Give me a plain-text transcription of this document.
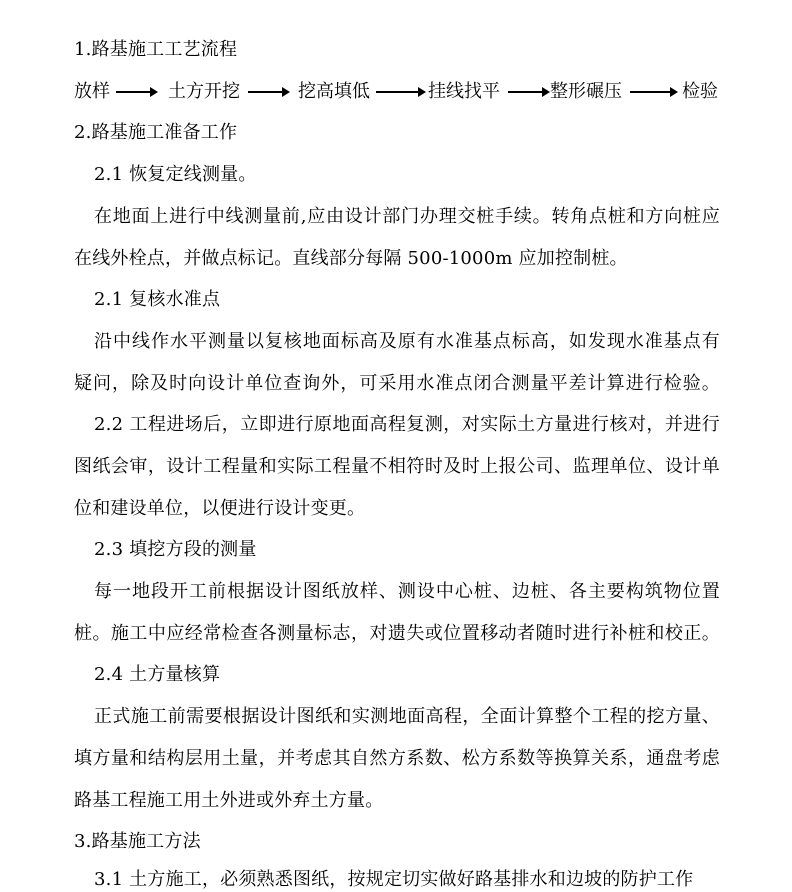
1.路基施工工艺流程
放样	土方开挖	挖高填低	挂线找平	整形碾压	检验
2.路基施工准备工作
2.1 恢复定线测量。
在地面上进行中线测量前,应由设计部门办理交桩手续。转角点桩和方向桩应
在线外栓点，并做点标记。直线部分每隔 500-1000m 应加控制桩。
2.1 复核水准点
沿中线作水平测量以复核地面标高及原有水准基点标高，如发现水准基点有
疑问，除及时向设计单位查询外，可采用水准点闭合测量平差计算进行检验。
2.2 工程进场后，立即进行原地面高程复测，对实际土方量进行核对，并进行
图纸会审，设计工程量和实际工程量不相符时及时上报公司、监理单位、设计单
位和建设单位，以便进行设计变更。
2.3 填挖方段的测量
每一地段开工前根据设计图纸放样、测设中心桩、边桩、各主要构筑物位置
桩。施工中应经常检查各测量标志，对遗失或位置移动者随时进行补桩和校正。
2.4 土方量核算
正式施工前需要根据设计图纸和实测地面高程，全面计算整个工程的挖方量、
填方量和结构层用土量，并考虑其自然方系数、松方系数等换算关系，通盘考虑
路基工程施工用土外进或外弃土方量。
3.路基施工方法
3.1 土方施工，必须熟悉图纸，按规定切实做好路基排水和边坡的防护工作
